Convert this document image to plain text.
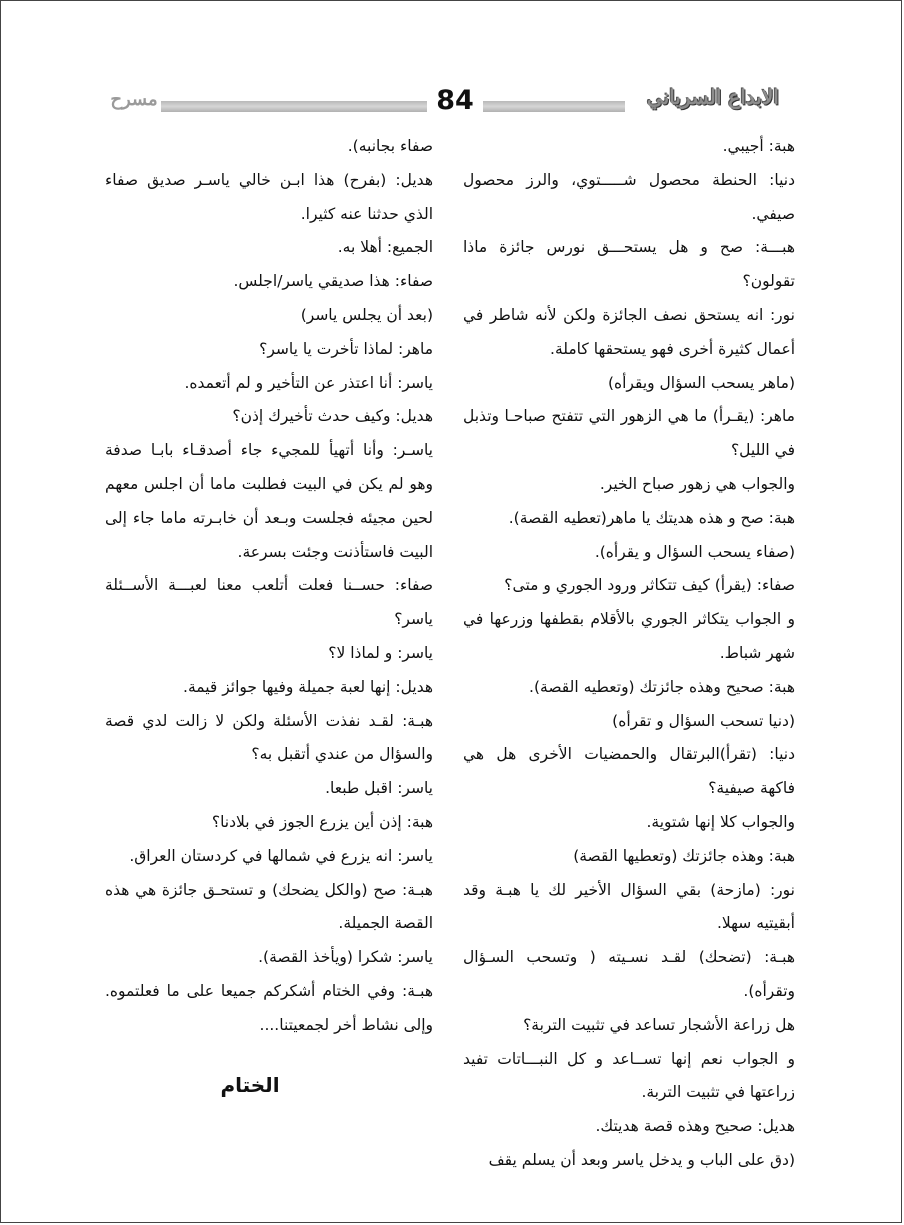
مسرح	84	الابداع السرياني

هبة: أجيبي.

دنيا: الحنطة محصول شـــــتوي، والرز محصول صيفي.

هبـــة: صح و هل يستحـــق نورس جائزة ماذا تقولون؟

نور: انه يستحق نصف الجائزة ولكن لأنه شاطر في أعمال كثيرة أخرى فهو يستحقها كاملة.

(ماهر يسحب السؤال ويقرأه)

ماهر: (يقـرأ) ما هي الزهور التي تتفتح صباحـا وتذبل في الليل؟

والجواب هي زهور صباح الخير.

هبة: صح و هذه هديتك يا ماهر(تعطيه القصة).

(صفاء يسحب السؤال و يقرأه).

صفاء: (يقرأ) كيف تتكاثر ورود الجوري و متى؟

و الجواب يتكاثر الجوري بالأقلام بقطفها وزرعها في شهر شباط.

هبة: صحيح وهذه جائزتك (وتعطيه القصة).

(دنيا تسحب السؤال و تقرأه)

دنيا: (تقرأ)البرتقال والحمضيات الأخرى هل هي فاكهة صيفية؟

والجواب كلا إنها شتوية.

هبة: وهذه جائزتك (وتعطيها القصة)

نور: (مازحة) بقي السؤال الأخير لك يا هبـة وقد أبقيتيه سهلا.

هبـة: (تضحك) لقـد نسـيته ( وتسحب السـؤال وتقرأه).

هل زراعة الأشجار تساعد في تثبيت التربة؟

و الجواب نعم إنها تســاعد و كل النبـــاتات تفيد زراعتها في تثبيت التربة.

هديل: صحيح وهذه قصة هديتك.

(دق على الباب و يدخل ياسر وبعد أن يسلم يقف

صفاء بجانبه).

هديل: (بفرح) هذا ابـن خالي ياسـر صديق صفاء الذي حدثنا عنه كثيرا.

الجميع: أهلا به.

صفاء: هذا صديقي ياسر/اجلس.

(بعد أن يجلس ياسر)

ماهر: لماذا تأخرت يا ياسر؟

ياسر: أنا اعتذر عن التأخير و لم أتعمده.

هديل: وكيف حدث تأخيرك إذن؟

ياسـر: وأنا أتهيأ للمجيء جاء أصدقـاء بابـا صدفة وهو لم يكن في البيت فطلبت ماما أن اجلس معهم لحين مجيئه فجلست وبـعد أن خابـرته ماما جاء إلى البيت فاستأذنت وجئت بسرعة.

صفاء: حســنا فعلت أتلعب معنا لعبـــة الأســئلة ياسر؟

ياسر: و لماذا لا؟

هديل: إنها لعبة جميلة وفيها جوائز قيمة.

هبـة: لقـد نفذت الأسئلة ولكن لا زالت لدي قصة والسؤال من عندي أتقبل به؟

ياسر: اقبل طبعا.

هبة: إذن أين يزرع الجوز في بلادنا؟

ياسر: انه يزرع في شمالها في كردستان العراق.

هبـة: صح (والكل يضحك) و تستحـق جائزة هي هذه القصة الجميلة.

ياسر: شكرا (ويأخذ القصة).

هبـة: وفي الختام أشكركم جميعا على ما فعلتموه. وإلى نشاط أخر لجمعيتنا....

الختام
